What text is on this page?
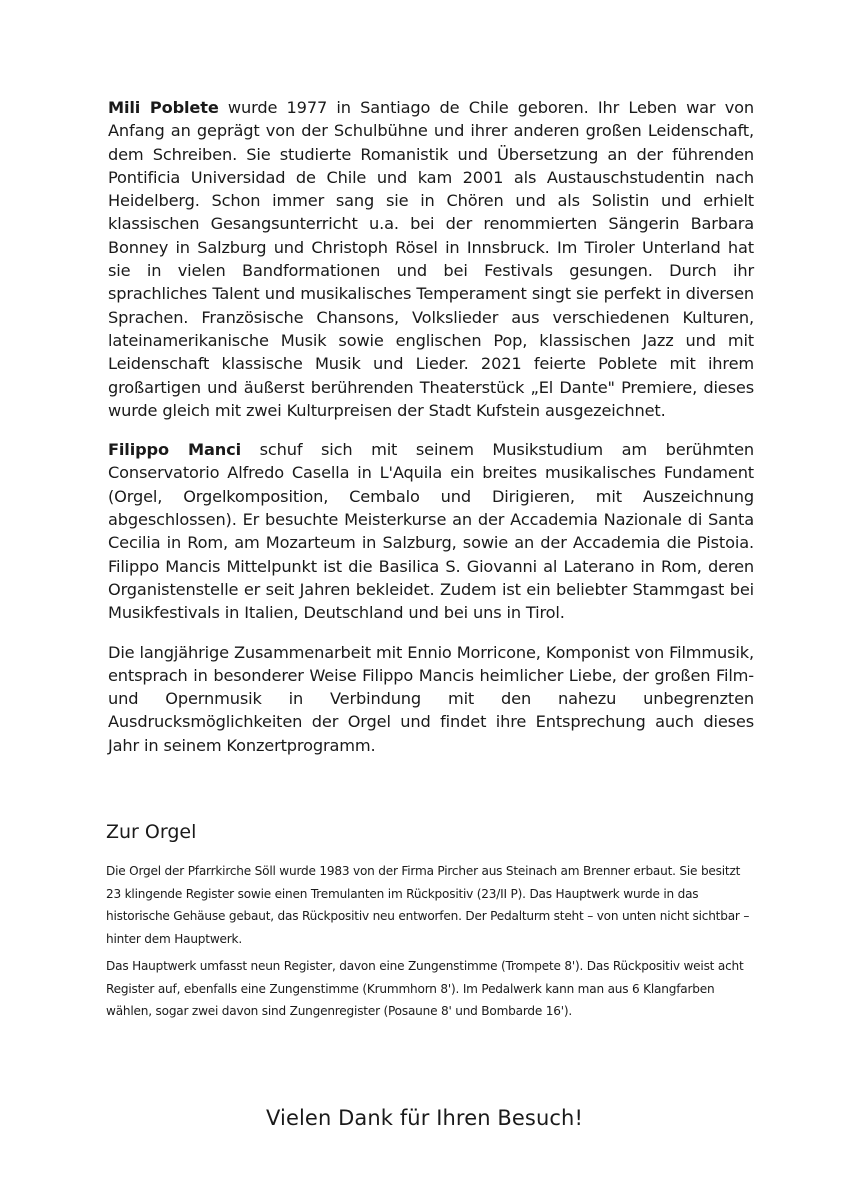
Mili Poblete wurde 1977 in Santiago de Chile geboren. Ihr Leben war von Anfang an geprägt von der Schulbühne und ihrer anderen großen Leidenschaft, dem Schreiben. Sie studierte Romanistik und Übersetzung an der führenden Pontificia Universidad de Chile und kam 2001 als Austauschstudentin nach Heidelberg. Schon immer sang sie in Chören und als Solistin und erhielt klassischen Gesangsunterricht u.a. bei der renommierten Sängerin Barbara Bonney in Salzburg und Christoph Rösel in Innsbruck. Im Tiroler Unterland hat sie in vielen Bandformationen und bei Festivals gesungen. Durch ihr sprachliches Talent und musikalisches Temperament singt sie perfekt in diversen Sprachen. Französische Chansons, Volkslieder aus verschiedenen Kulturen, lateinamerikanische Musik sowie englischen Pop, klassischen Jazz und mit Leidenschaft klassische Musik und Lieder. 2021 feierte Poblete mit ihrem großartigen und äußerst berührenden Theaterstück „El Dante" Premiere, dieses wurde gleich mit zwei Kulturpreisen der Stadt Kufstein ausgezeichnet.

Filippo Manci schuf sich mit seinem Musikstudium am berühmten Conservatorio Alfredo Casella in L'Aquila ein breites musikalisches Fundament (Orgel, Orgelkomposition, Cembalo und Dirigieren, mit Auszeichnung abgeschlossen). Er besuchte Meisterkurse an der Accademia Nazionale di Santa Cecilia in Rom, am Mozarteum in Salzburg, sowie an der Accademia die Pistoia. Filippo Mancis Mittelpunkt ist die Basilica S. Giovanni al Laterano in Rom, deren Organistenstelle er seit Jahren bekleidet. Zudem ist ein beliebter Stammgast bei Musikfestivals in Italien, Deutschland und bei uns in Tirol.

Die langjährige Zusammenarbeit mit Ennio Morricone, Komponist von Filmmusik, entsprach in besonderer Weise Filippo Mancis heimlicher Liebe, der großen Film- und Opernmusik in Verbindung mit den nahezu unbegrenzten Ausdrucksmöglichkeiten der Orgel und findet ihre Entsprechung auch dieses Jahr in seinem Konzertprogramm.

Zur Orgel

Die Orgel der Pfarrkirche Söll wurde 1983 von der Firma Pircher aus Steinach am Brenner erbaut. Sie besitzt 23 klingende Register sowie einen Tremulanten im Rückpositiv (23/II P). Das Hauptwerk wurde in das historische Gehäuse gebaut, das Rückpositiv neu entworfen. Der Pedalturm steht – von unten nicht sichtbar – hinter dem Hauptwerk.

Das Hauptwerk umfasst neun Register, davon eine Zungenstimme (Trompete 8'). Das Rückpositiv weist acht Register auf, ebenfalls eine Zungenstimme (Krummhorn 8'). Im Pedalwerk kann man aus 6 Klangfarben wählen, sogar zwei davon sind Zungenregister (Posaune 8' und Bombarde 16').

Vielen Dank für Ihren Besuch!
